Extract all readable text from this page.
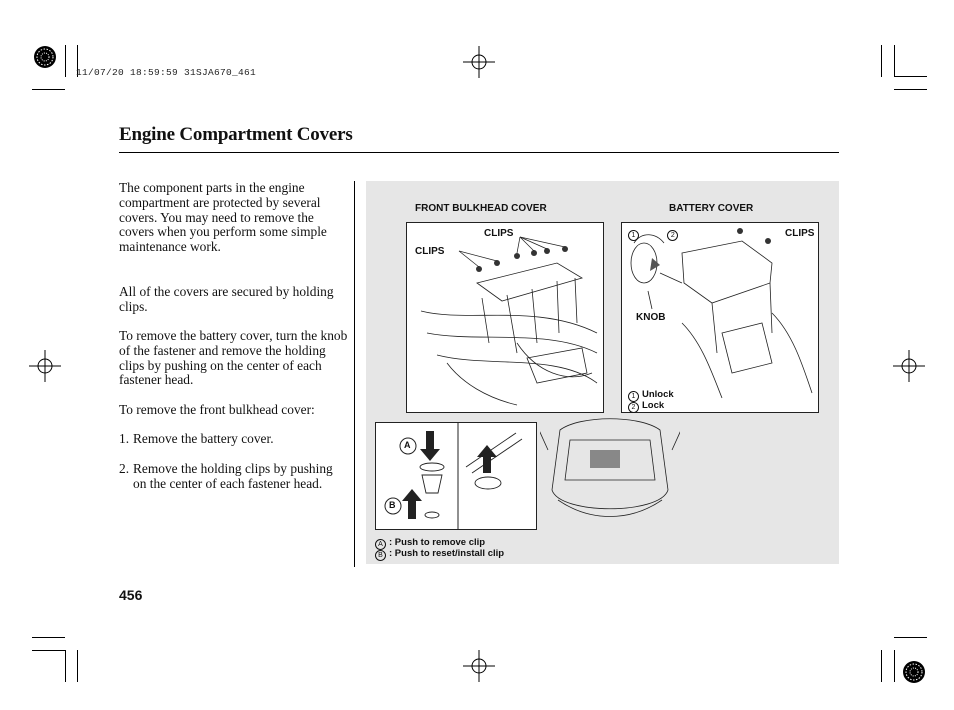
11/07/20 18:59:59 31SJA670_461
Engine Compartment Covers

The component parts in the engine compartment are protected by several covers. You may need to remove the covers when you perform some simple maintenance work.

All of the covers are secured by holding clips.

To remove the battery cover, turn the knob of the fastener and remove the holding clips by pushing on the center of each fastener head.

To remove the front bulkhead cover:

1. Remove the battery cover.
2. Remove the holding clips by pushing on the center of each fastener head.
FRONT BULKHEAD COVER	BATTERY COVER
CLIPS
CLIPS
CLIPS
KNOB
1	2
1 Unlock
2 Lock
A
B
A : Push to remove clip
B : Push to reset/install clip
456
